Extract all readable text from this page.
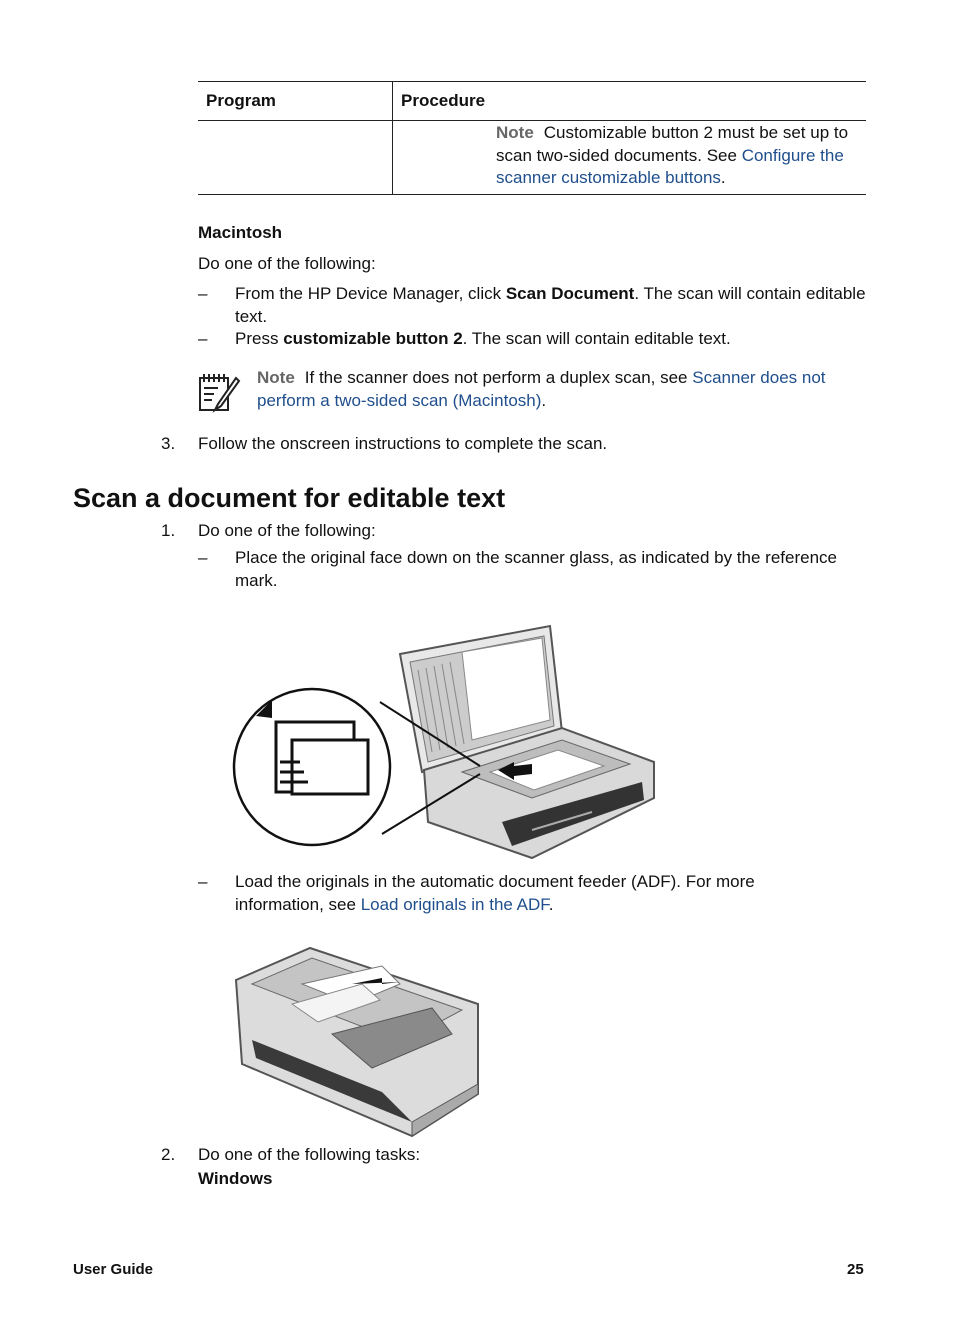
Program	Procedure

	Note Customizable button 2 must be set up to scan two-sided documents. See Configure the scanner customizable buttons.
Macintosh
Do one of the following:
– From the HP Device Manager, click Scan Document. The scan will contain editable text.
– Press customizable button 2. The scan will contain editable text.
Note If the scanner does not perform a duplex scan, see Scanner does not perform a two-sided scan (Macintosh).
3. Follow the onscreen instructions to complete the scan.
Scan a document for editable text
1. Do one of the following:
– Place the original face down on the scanner glass, as indicated by the reference mark.
– Load the originals in the automatic document feeder (ADF). For more information, see Load originals in the ADF.
2. Do one of the following tasks:
Windows
User Guide	25
